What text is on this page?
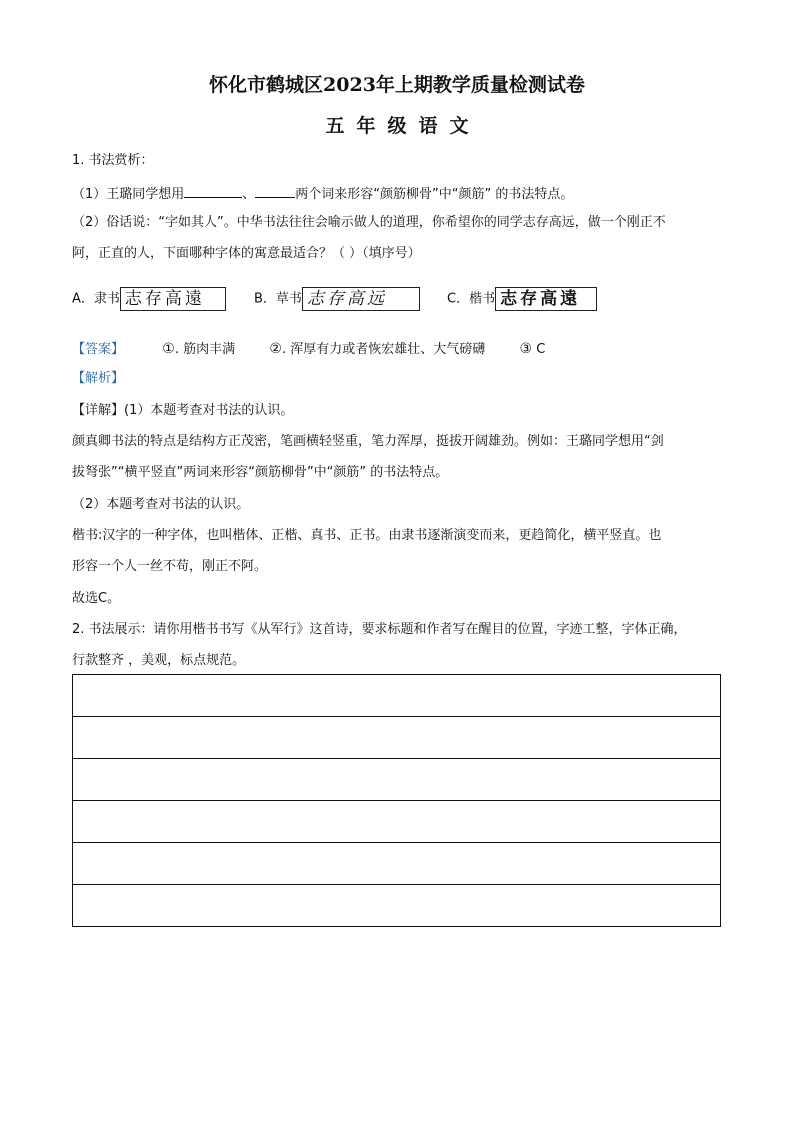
怀化市鹤城区2023年上期教学质量检测试卷
五年级语文
1. 书法赏析：
（1）王璐同学想用	、	两个词来形容“颜筋柳骨”中“颜筋” 的书法特点。
（2）俗话说：“字如其人”。中华书法往往会喻示做人的道理，你希望你的同学志存高远，做一个刚正不
阿，正直的人，下面哪种字体的寓意最适合？（ ）（填序号）
A．隶书 志存高遠	B．草书 志存高远	C．楷书 志存高遠
【答案】	①. 筋肉丰满 ②. 浑厚有力或者恢宏雄壮、大气磅礴 ③ C
【解析】
【详解】(1）本题考查对书法的认识。
颜真卿书法的特点是结构方正茂密，笔画横轻竖重，笔力浑厚，挺拔开阔雄劲。例如：王璐同学想用“剑
拔弩张”“横平竖直”两词来形容“颜筋柳骨”中“颜筋” 的书法特点。
（2）本题考查对书法的认识。
楷书:汉字的一种字体，也叫楷体、正楷、真书、正书。由隶书逐渐演变而来，更趋简化，横平竖直。也
形容一个人一丝不苟，刚正不阿。
故选C。
2. 书法展示：请你用楷书书写《从军行》这首诗，要求标题和作者写在醒目的位置，字迹工整，字体正确，
行款整齐 ，美观，标点规范。
